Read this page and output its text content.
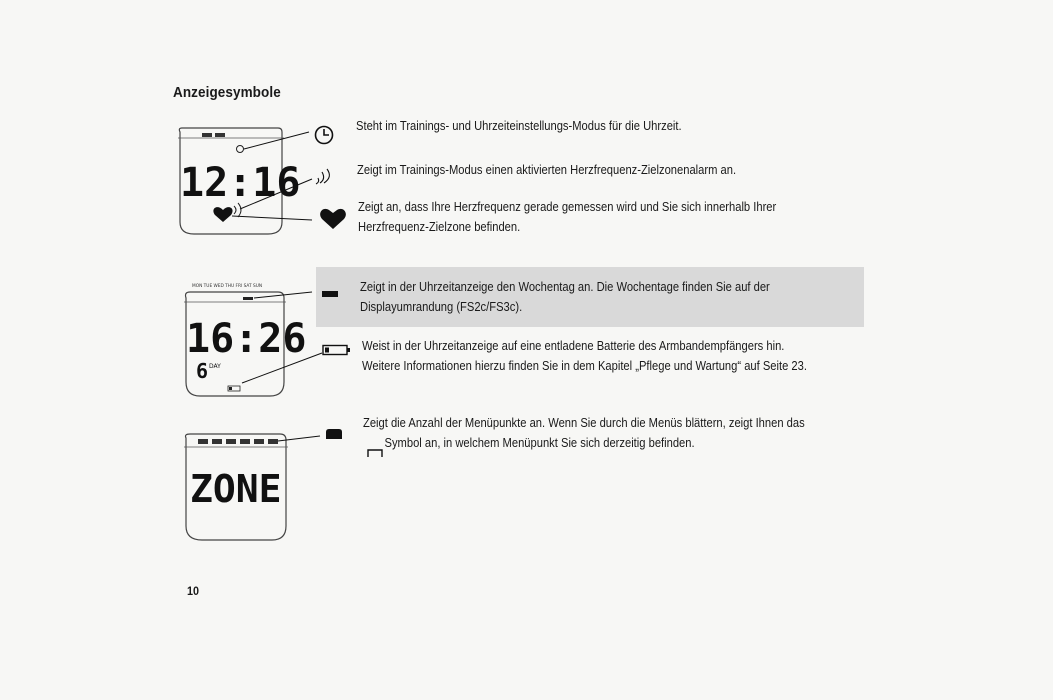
Anzeigesymbole
12:16
Steht im Trainings- und Uhrzeiteinstellungs-Modus für die Uhrzeit.
Zeigt im Trainings-Modus einen aktivierten Herzfrequenz-Zielzonenalarm an.
Zeigt an, dass Ihre Herzfrequenz gerade gemessen wird und Sie sich innerhalb Ihrer
Herzfrequenz-Zielzone befinden.
MON TUE WED THU FRI SAT SUN
16:26
6 DAY
Zeigt in der Uhrzeitanzeige den Wochentag an. Die Wochentage finden Sie auf der
Displayumrandung (FS2c/FS3c).
Weist in der Uhrzeitanzeige auf eine entladene Batterie des Armbandempfängers hin.
Weitere Informationen hierzu finden Sie in dem Kapitel „Pflege und Wartung“ auf Seite 23.
ZONE
Zeigt die Anzahl der Menüpunkte an. Wenn Sie durch die Menüs blättern, zeigt Ihnen das
Symbol an, in welchem Menüpunkt Sie sich derzeitig befinden.
10
